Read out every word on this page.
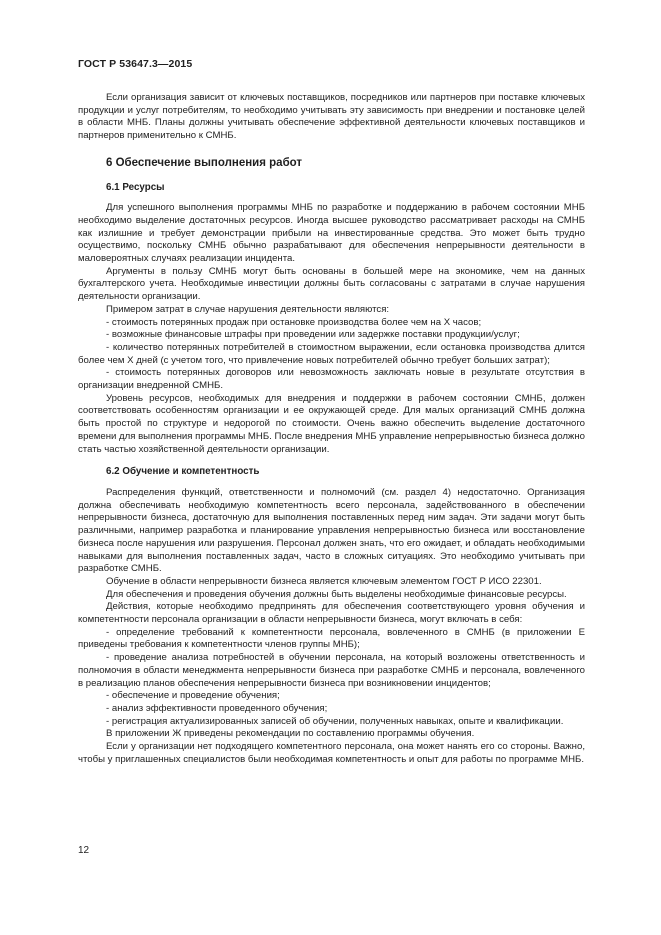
ГОСТ Р 53647.3—2015

Если организация зависит от ключевых поставщиков, посредников или партнеров при поставке ключевых продукции и услуг потребителям, то необходимо учитывать эту зависимость при внедрении и постановке целей в области МНБ. Планы должны учитывать обеспечение эффективной деятельности ключевых поставщиков и партнеров применительно к СМНБ.

6 Обеспечение выполнения работ

6.1 Ресурсы

Для успешного выполнения программы МНБ по разработке и поддержанию в рабочем состоянии МНБ необходимо выделение достаточных ресурсов. Иногда высшее руководство рассматривает расходы на СМНБ как излишние и требует демонстрации прибыли на инвестированные средства. Это может быть трудно осуществимо, поскольку СМНБ обычно разрабатывают для обеспечения непрерывности деятельности в маловероятных случаях реализации инцидента.

Аргументы в пользу СМНБ могут быть основаны в большей мере на экономике, чем на данных бухгалтерского учета. Необходимые инвестиции должны быть согласованы с затратами в случае нарушения деятельности организации.

Примером затрат в случае нарушения деятельности являются:

- стоимость потерянных продаж при остановке производства более чем на X часов;

- возможные финансовые штрафы при проведении или задержке поставки продукции/услуг;

- количество потерянных потребителей в стоимостном выражении, если остановка производства длится более чем X дней (с учетом того, что привлечение новых потребителей обычно требует больших затрат);

- стоимость потерянных договоров или невозможность заключать новые в результате отсутствия в организации внедренной СМНБ.

Уровень ресурсов, необходимых для внедрения и поддержки в рабочем состоянии СМНБ, должен соответствовать особенностям организации и ее окружающей среде. Для малых организаций СМНБ должна быть простой по структуре и недорогой по стоимости. Очень важно обеспечить выделение достаточного времени для выполнения программы МНБ. После внедрения МНБ управление непрерывностью бизнеса должно стать частью хозяйственной деятельности организации.

6.2 Обучение и компетентность

Распределения функций, ответственности и полномочий (см. раздел 4) недостаточно. Организация должна обеспечивать необходимую компетентность всего персонала, задействованного в обеспечении непрерывности бизнеса, достаточную для выполнения поставленных перед ним задач. Эти задачи могут быть различными, например разработка и планирование управления непрерывностью бизнеса или восстановление бизнеса после нарушения или разрушения. Персонал должен знать, что его ожидает, и обладать необходимыми навыками для выполнения поставленных задач, часто в сложных ситуациях. Это необходимо учитывать при разработке СМНБ.

Обучение в области непрерывности бизнеса является ключевым элементом ГОСТ Р ИСО 22301.

Для обеспечения и проведения обучения должны быть выделены необходимые финансовые ресурсы.

Действия, которые необходимо предпринять для обеспечения соответствующего уровня обучения и компетентности персонала организации в области непрерывности бизнеса, могут включать в себя:

- определение требований к компетентности персонала, вовлеченного в СМНБ (в приложении Е приведены требования к компетентности членов группы МНБ);

- проведение анализа потребностей в обучении персонала, на который возложены ответственность и полномочия в области менеджмента непрерывности бизнеса при разработке СМНБ и персонала, вовлеченного в реализацию планов обеспечения непрерывности бизнеса при возникновении инцидентов;

- обеспечение и проведение обучения;

- анализ эффективности проведенного обучения;

- регистрация актуализированных записей об обучении, полученных навыках, опыте и квалификации.

В приложении Ж приведены рекомендации по составлению программы обучения.

Если у организации нет подходящего компетентного персонала, она может нанять его со стороны. Важно, чтобы у приглашенных специалистов были необходимая компетентность и опыт для работы по программе МНБ.

12
